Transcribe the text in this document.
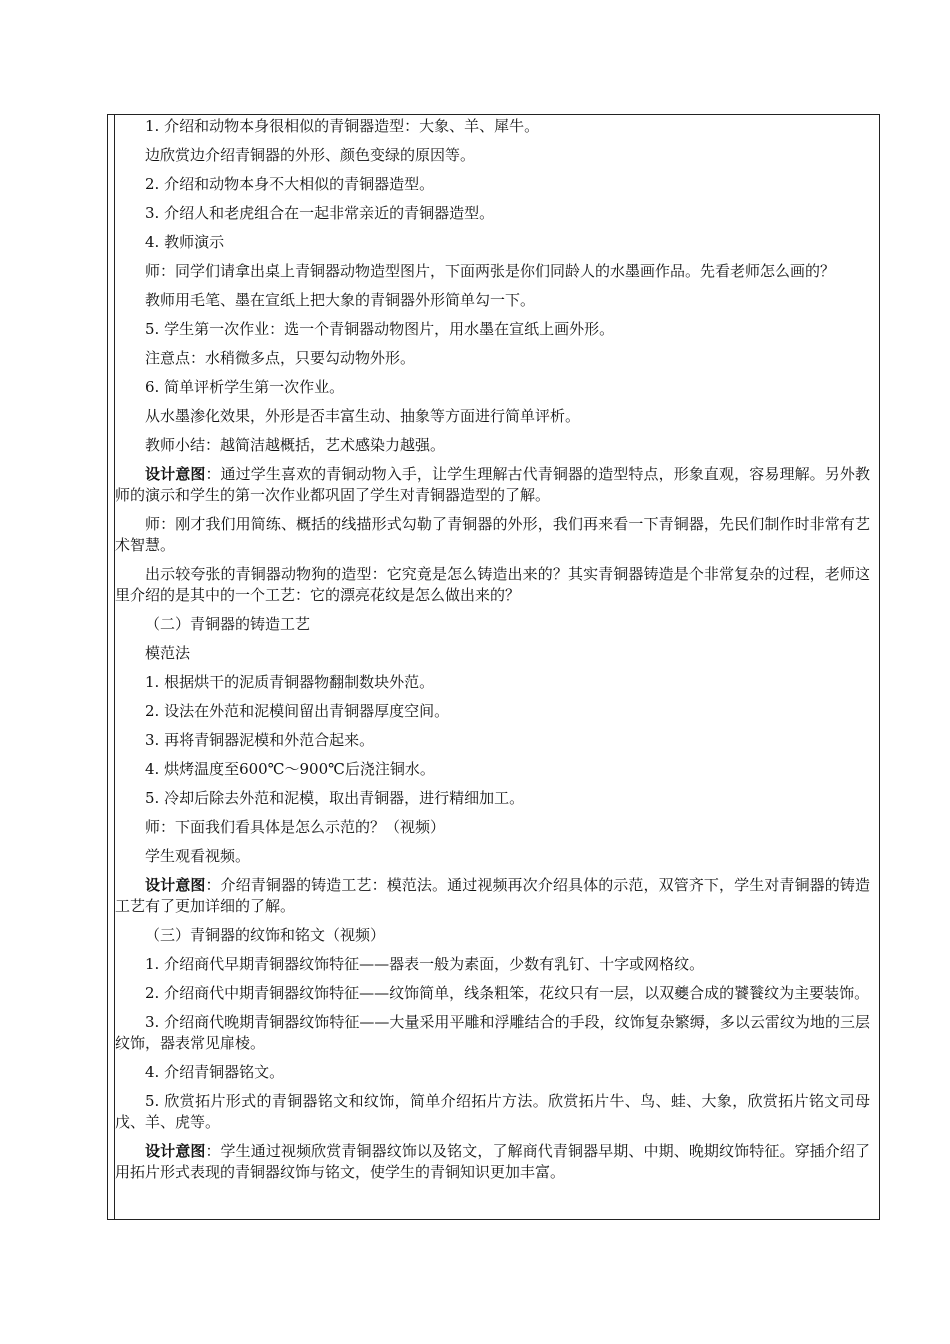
1. 介绍和动物本身很相似的青铜器造型：大象、羊、犀牛。

边欣赏边介绍青铜器的外形、颜色变绿的原因等。

2. 介绍和动物本身不大相似的青铜器造型。

3. 介绍人和老虎组合在一起非常亲近的青铜器造型。

4. 教师演示

师：同学们请拿出桌上青铜器动物造型图片，下面两张是你们同龄人的水墨画作品。先看老师怎么画的？

教师用毛笔、墨在宣纸上把大象的青铜器外形简单勾一下。

5. 学生第一次作业：选一个青铜器动物图片，用水墨在宣纸上画外形。

注意点：水稍微多点，只要勾动物外形。

6. 简单评析学生第一次作业。

从水墨渗化效果，外形是否丰富生动、抽象等方面进行简单评析。

教师小结：越简洁越概括，艺术感染力越强。

设计意图：通过学生喜欢的青铜动物入手，让学生理解古代青铜器的造型特点，形象直观，容易理解。另外教师的演示和学生的第一次作业都巩固了学生对青铜器造型的了解。

师：刚才我们用简练、概括的线描形式勾勒了青铜器的外形，我们再来看一下青铜器，先民们制作时非常有艺术智慧。

出示较夸张的青铜器动物狗的造型：它究竟是怎么铸造出来的？其实青铜器铸造是个非常复杂的过程，老师这里介绍的是其中的一个工艺：它的漂亮花纹是怎么做出来的？

（二）青铜器的铸造工艺

模范法

1. 根据烘干的泥质青铜器物翻制数块外范。

2. 设法在外范和泥模间留出青铜器厚度空间。

3. 再将青铜器泥模和外范合起来。

4. 烘烤温度至600℃～900℃后浇注铜水。

5. 冷却后除去外范和泥模，取出青铜器，进行精细加工。

师：下面我们看具体是怎么示范的？（视频）

学生观看视频。

设计意图：介绍青铜器的铸造工艺：模范法。通过视频再次介绍具体的示范，双管齐下，学生对青铜器的铸造工艺有了更加详细的了解。

（三）青铜器的纹饰和铭文（视频）

1. 介绍商代早期青铜器纹饰特征——器表一般为素面，少数有乳钉、十字或网格纹。

2. 介绍商代中期青铜器纹饰特征——纹饰简单，线条粗笨，花纹只有一层，以双夔合成的饕餮纹为主要装饰。

3. 介绍商代晚期青铜器纹饰特征——大量采用平雕和浮雕结合的手段，纹饰复杂繁缛，多以云雷纹为地的三层纹饰，器表常见扉棱。

4. 介绍青铜器铭文。

5. 欣赏拓片形式的青铜器铭文和纹饰，简单介绍拓片方法。欣赏拓片牛、鸟、蛙、大象，欣赏拓片铭文司母戊、羊、虎等。

设计意图：学生通过视频欣赏青铜器纹饰以及铭文，了解商代青铜器早期、中期、晚期纹饰特征。穿插介绍了用拓片形式表现的青铜器纹饰与铭文，使学生的青铜知识更加丰富。
